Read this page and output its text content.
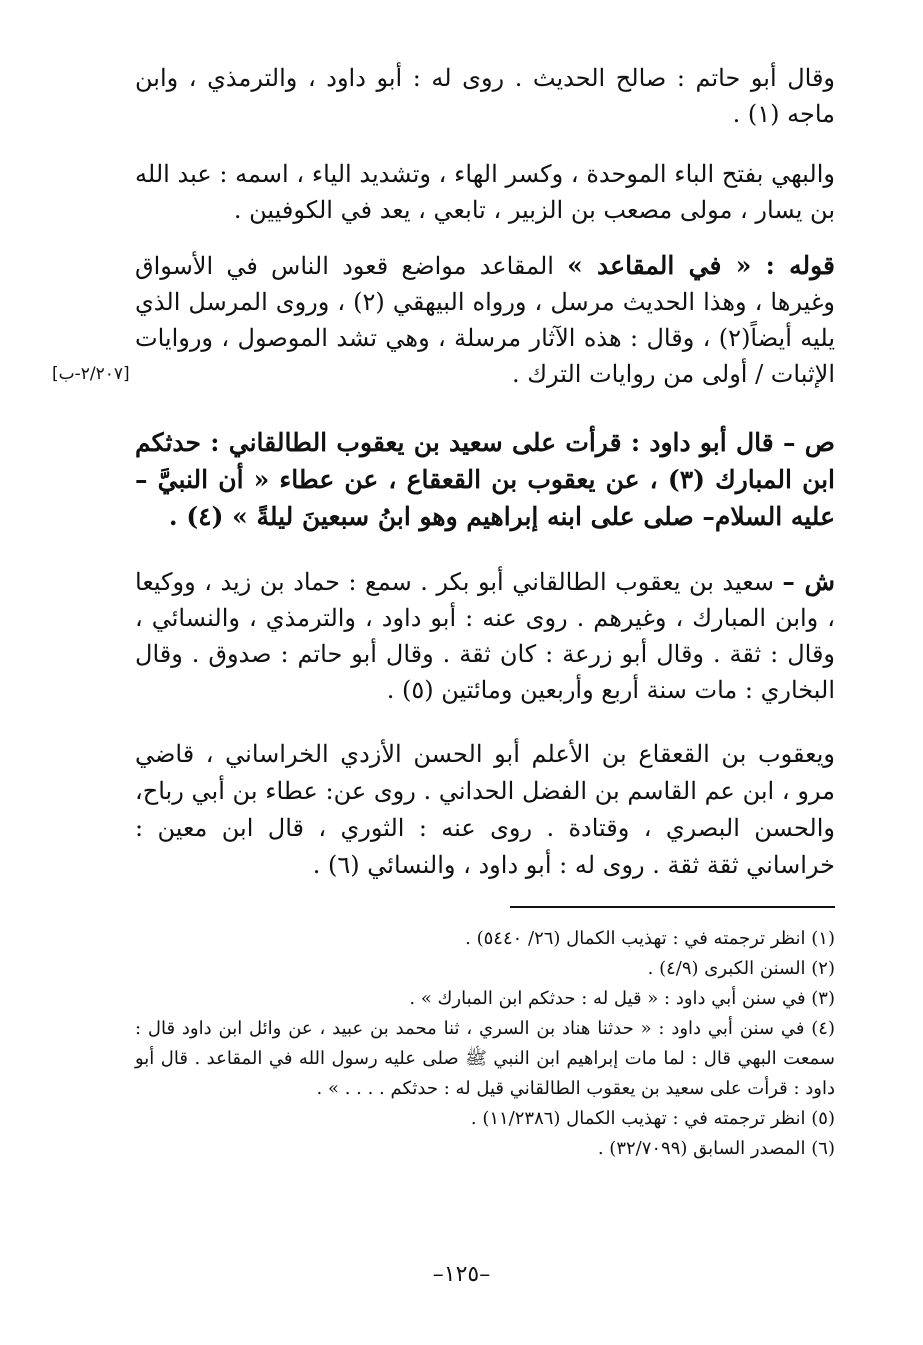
وقال أبو حاتم : صالح الحديث . روى له : أبو داود ، والترمذي ، وابن ماجه (١) .

والبهي بفتح الباء الموحدة ، وكسر الهاء ، وتشديد الياء ، اسمه : عبد الله بن يسار ، مولى مصعب بن الزبير ، تابعي ، يعد في الكوفيين .

قوله : « في المقاعد » المقاعد مواضع قعود الناس في الأسواق وغيرها ، وهذا الحديث مرسل ، ورواه البيهقي (٢) ، وروى المرسل الذي يليه أيضاً(٢) ، وقال : هذه الآثار مرسلة ، وهي تشد الموصول ، وروايات الإثبات / أولى من روايات الترك .

[٢/٢٠٧-ب]

ص – قال أبو داود : قرأت على سعيد بن يعقوب الطالقاني : حدثكم ابن المبارك (٣) ، عن يعقوب بن القعقاع ، عن عطاء « أن النبيَّ – عليه السلام– صلى على ابنه إبراهيم وهو ابنُ سبعينَ ليلةً » (٤) .

ش – سعيد بن يعقوب الطالقاني أبو بكر . سمع : حماد بن زيد ، ووكيعا ، وابن المبارك ، وغيرهم . روى عنه : أبو داود ، والترمذي ، والنسائي ، وقال : ثقة . وقال أبو زرعة : كان ثقة . وقال أبو حاتم : صدوق . وقال البخاري : مات سنة أربع وأربعين ومائتين (٥) .

ويعقوب بن القعقاع بن الأعلم أبو الحسن الأزدي الخراساني ، قاضي مرو ، ابن عم القاسم بن الفضل الحداني . روى عن: عطاء بن أبي رباح، والحسن البصري ، وقتادة . روى عنه : الثوري ، قال ابن معين : خراساني ثقة ثقة . روى له : أبو داود ، والنسائي (٦) .

(١) انظر ترجمته في : تهذيب الكمال (٢٦/ ٥٤٤٠) .

(٢) السنن الكبرى (٤/٩) .

(٣) في سنن أبي داود : « قيل له : حدثكم ابن المبارك » .

(٤) في سنن أبي داود : « حدثنا هناد بن السري ، ثنا محمد بن عبيد ، عن وائل ابن داود قال : سمعت البهي قال : لما مات إبراهيم ابن النبي ﷺ صلى عليه رسول الله في المقاعد . قال أبو داود : قرأت على سعيد بن يعقوب الطالقاني قيل له : حدثكم . . . . » .

(٥) انظر ترجمته في : تهذيب الكمال (١١/٢٣٨٦) .

(٦) المصدر السابق (٣٢/٧٠٩٩) .

–١٢٥–
